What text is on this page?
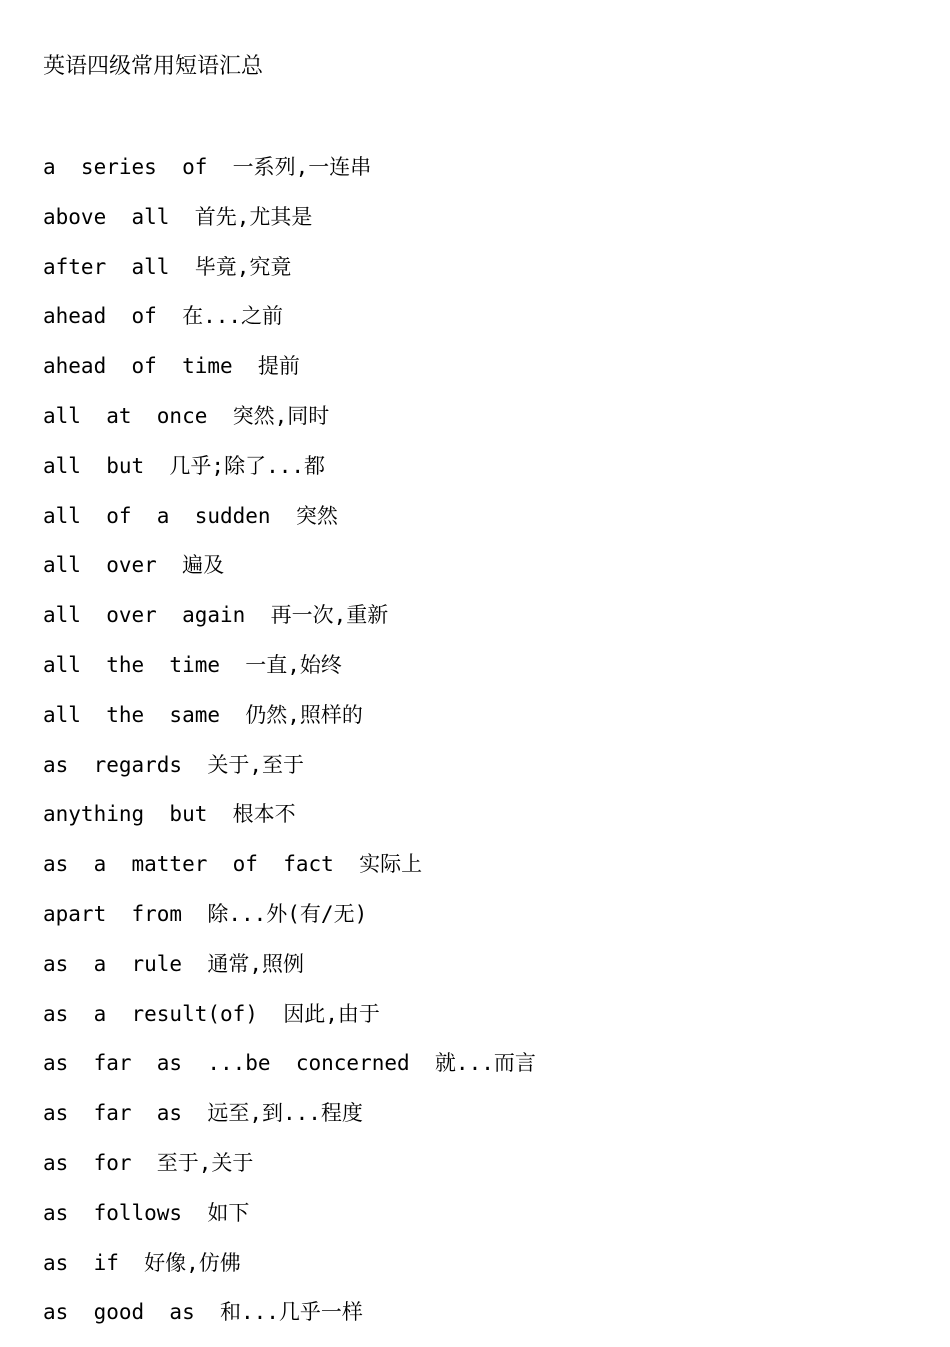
英语四级常用短语汇总
a  series  of  一系列,一连串
above  all  首先,尤其是
after  all  毕竟,究竟
ahead  of  在...之前
ahead  of  time  提前
all  at  once  突然,同时
all  but  几乎;除了...都
all  of  a  sudden  突然
all  over  遍及
all  over  again  再一次,重新
all  the  time  一直,始终
all  the  same  仍然,照样的
as  regards  关于,至于
anything  but  根本不
as  a  matter  of  fact  实际上
apart  from  除...外(有/无)
as  a  rule  通常,照例
as  a  result(of)  因此,由于
as  far  as  ...be  concerned  就...而言
as  far  as  远至,到...程度
as  for  至于,关于
as  follows  如下
as  if  好像,仿佛
as  good  as  和...几乎一样
